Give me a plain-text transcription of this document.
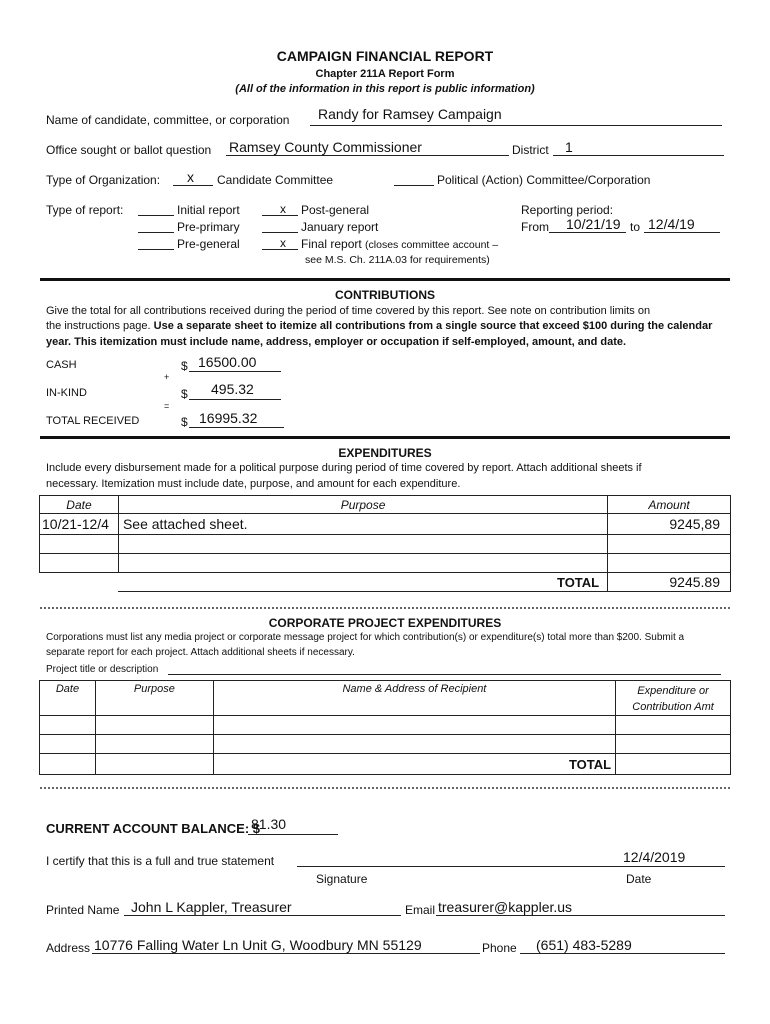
CAMPAIGN FINANCIAL REPORT
Chapter 211A Report Form
(All of the information in this report is public information)
Name of candidate, committee, or corporation Randy for Ramsey Campaign
Office sought or ballot question Ramsey County Commissioner	District 1
Type of Organization: x Candidate Committee	Political (Action) Committee/Corporation
Type of report:	Initial report
Pre-primary
Pre-general
x Post-general
January report
x Final report (closes committee account –
see M.S. Ch. 211A.03 for requirements)
Reporting period:
From 10/21/19 to 12/4/19
CONTRIBUTIONS
Give the total for all contributions received during the period of time covered by this report. See note on contribution limits on
the instructions page. Use a separate sheet to itemize all contributions from a single source that exceed $100 during the calendar
year. This itemization must include name, address, employer or occupation if self-employed, amount, and date.
CASH	$ 16500.00
+
IN-KIND	$ 495.32
=
TOTAL RECEIVED	$ 16995.32
EXPENDITURES
Include every disbursement made for a political purpose during period of time covered by report. Attach additional sheets if
necessary. Itemization must include date, purpose, and amount for each expenditure.
Date	Purpose	Amount
10/21-12/4	See attached sheet.	9245,89

	TOTAL	9245.89
CORPORATE PROJECT EXPENDITURES
Corporations must list any media project or corporate message project for which contribution(s) or expenditure(s) total more than $200. Submit a
separate report for each project. Attach additional sheets if necessary.
Project title or description
Date	Purpose	Name & Address of Recipient	Expenditure or
Contribution Amt

		TOTAL	
CURRENT ACCOUNT BALANCE: $
81.30
I certify that this is a full and true statement	12/4/2019
Signature	Date
Printed Name John L Kappler, Treasurer	Email treasurer@kappler.us
Address 10776 Falling Water Ln Unit G, Woodbury MN 55129	Phone (651) 483-5289
